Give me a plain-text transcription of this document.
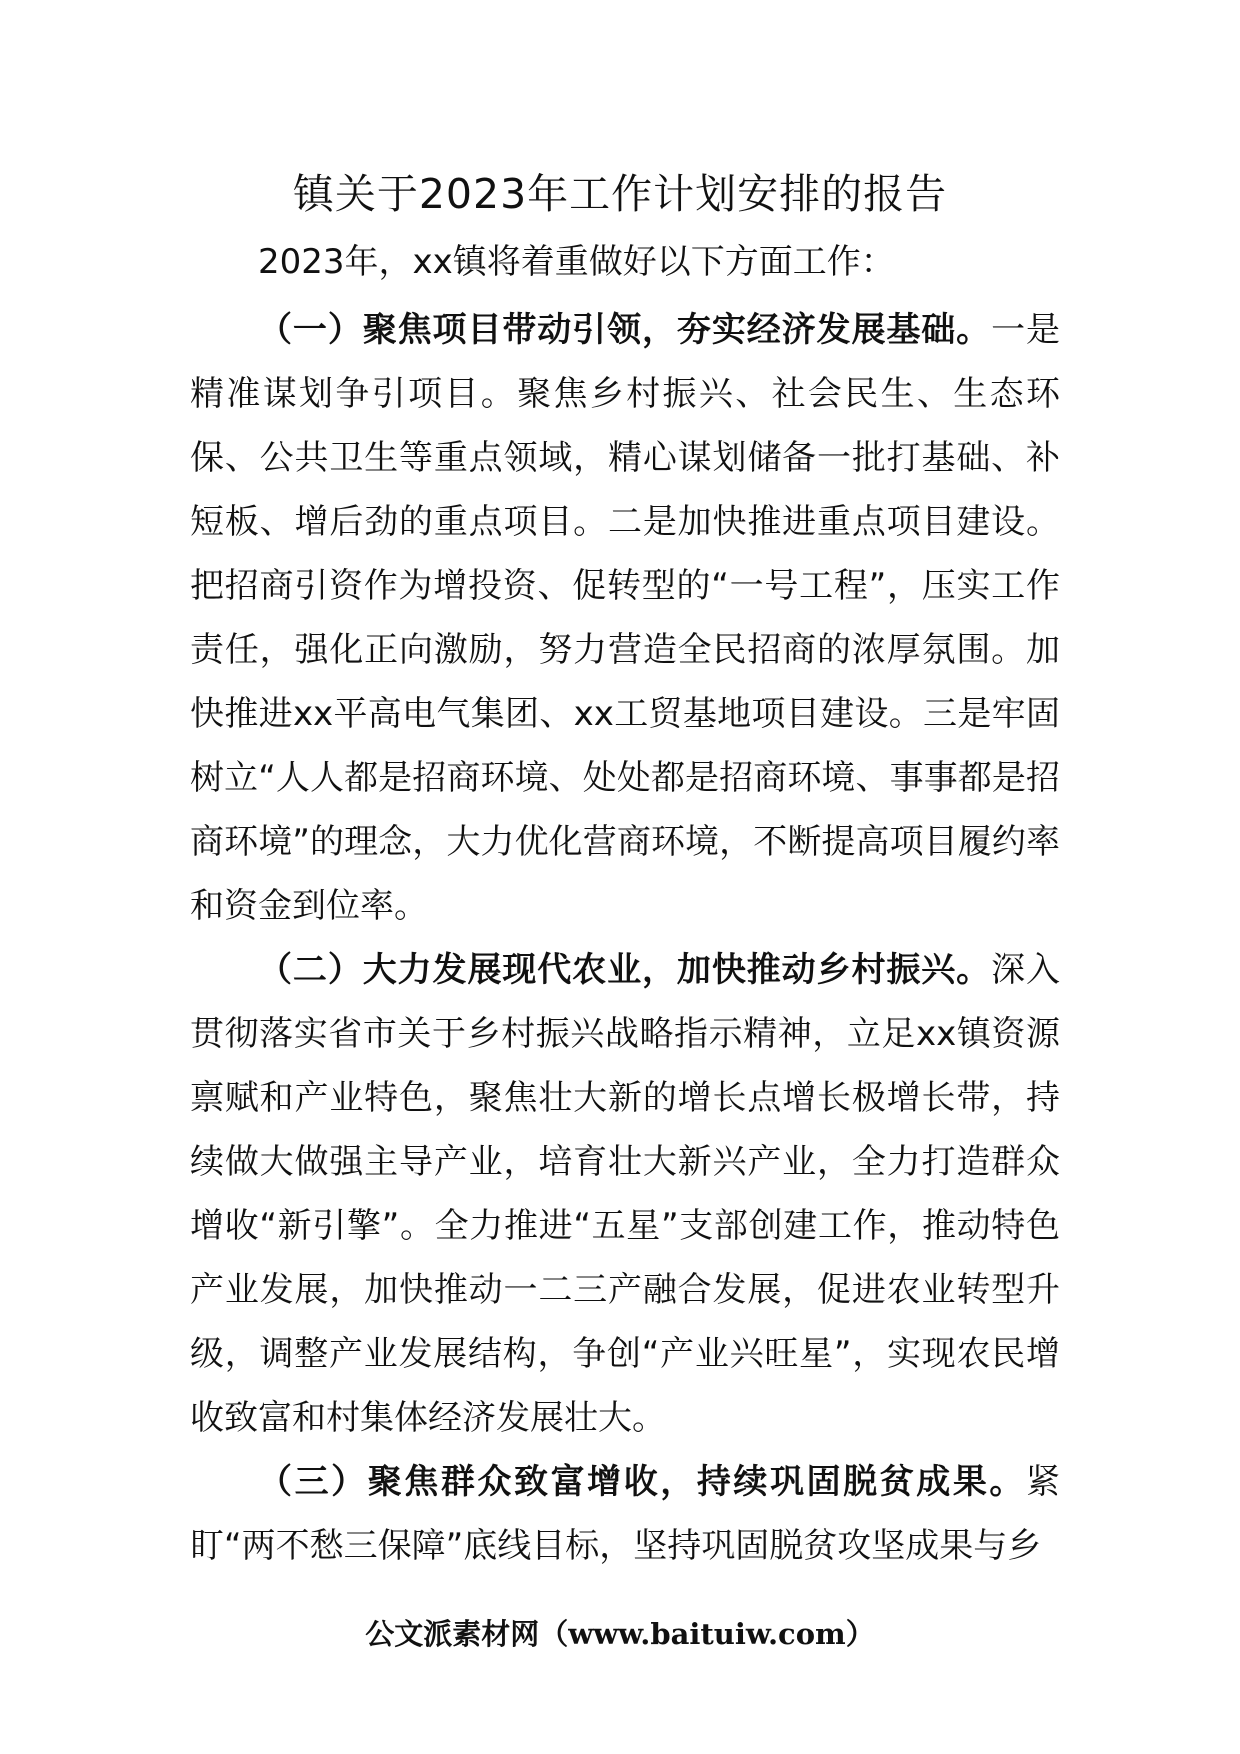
镇关于2023年工作计划安排的报告

2023年，xx镇将着重做好以下方面工作：

（一）聚焦项目带动引领，夯实经济发展基础。一是精准谋划争引项目。聚焦乡村振兴、社会民生、生态环保、公共卫生等重点领域，精心谋划储备一批打基础、补短板、增后劲的重点项目。二是加快推进重点项目建设。把招商引资作为增投资、促转型的“一号工程”，压实工作责任，强化正向激励，努力营造全民招商的浓厚氛围。加快推进xx平高电气集团、xx工贸基地项目建设。三是牢固树立“人人都是招商环境、处处都是招商环境、事事都是招商环境”的理念，大力优化营商环境，不断提高项目履约率和资金到位率。

（二）大力发展现代农业，加快推动乡村振兴。深入贯彻落实省市关于乡村振兴战略指示精神，立足xx镇资源禀赋和产业特色，聚焦壮大新的增长点增长极增长带，持续做大做强主导产业，培育壮大新兴产业，全力打造群众增收“新引擎”。全力推进“五星”支部创建工作，推动特色产业发展，加快推动一二三产融合发展，促进农业转型升级，调整产业发展结构，争创“产业兴旺星”，实现农民增收致富和村集体经济发展壮大。

（三）聚焦群众致富增收，持续巩固脱贫成果。紧盯“两不愁三保障”底线目标，坚持巩固脱贫攻坚成果与乡

公文派素材网（www.baituiw.com）
